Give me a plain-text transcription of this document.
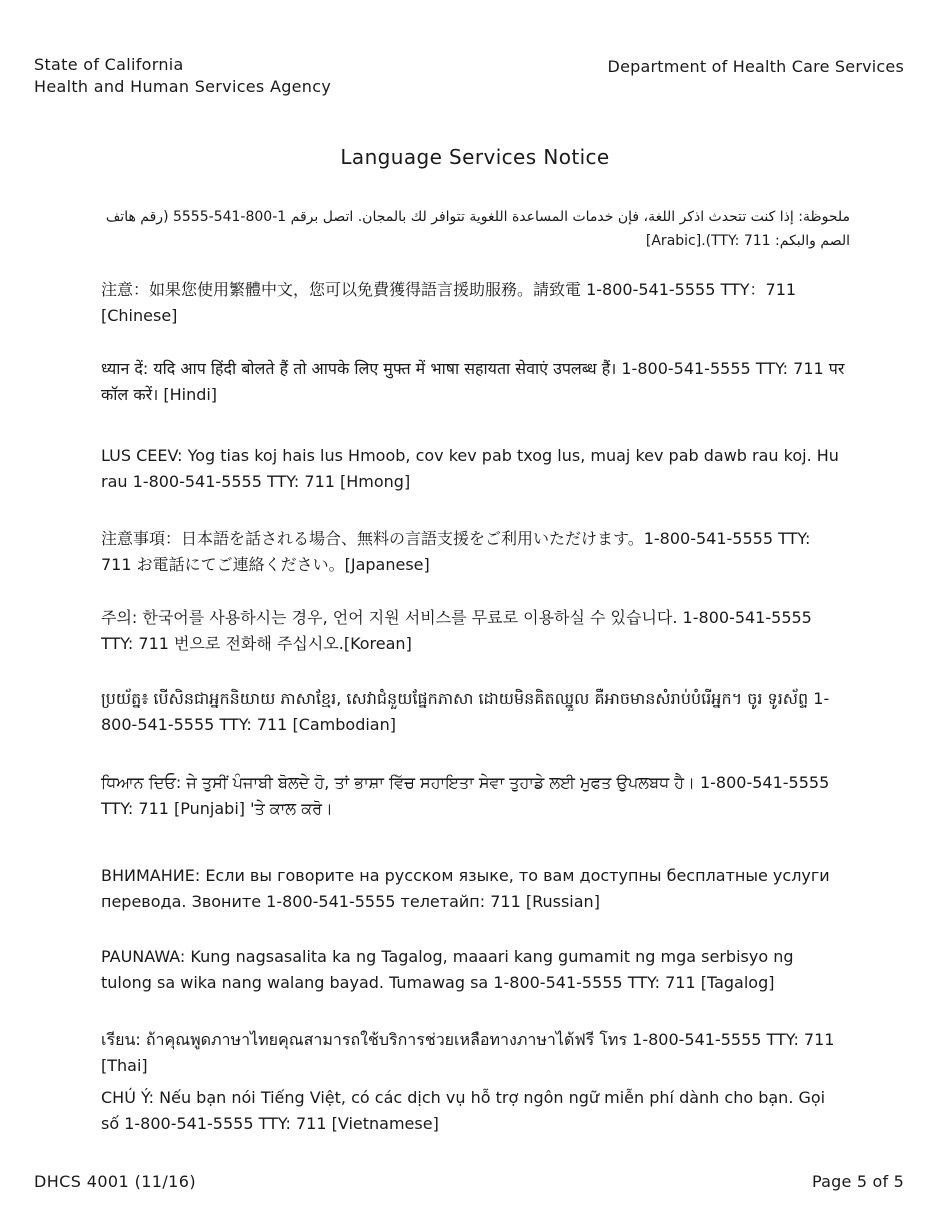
State of California
Health and Human Services Agency
Department of Health Care Services
Language Services Notice

ملحوظة: إذا كنت تتحدث اذكر اللغة، فإن خدمات المساعدة اللغوية تتوافر لك بالمجان. اتصل برقم 1-800-541-5555 (رقم هاتف الصم والبكم: TTY: 711).[Arabic]

注意：如果您使用繁體中文，您可以免費獲得語言援助服務。請致電 1-800-541-5555 TTY：711 [Chinese]

ध्यान दें: यदि आप हिंदी बोलते हैं तो आपके लिए मुफ्त में भाषा सहायता सेवाएं उपलब्ध हैं। 1-800-541-5555 TTY: 711 पर कॉल करें। [Hindi]

LUS CEEV: Yog tias koj hais lus Hmoob, cov kev pab txog lus, muaj kev pab dawb rau koj. Hu rau 1-800-541-5555 TTY: 711 [Hmong]

注意事項：日本語を話される場合、無料の言語支援をご利用いただけます。1-800-541-5555 TTY: 711 お電話にてご連絡ください。[Japanese]

주의: 한국어를 사용하시는 경우, 언어 지원 서비스를 무료로 이용하실 수 있습니다. 1-800-541-5555 TTY: 711 번으로 전화해 주십시오.[Korean]

ប្រយ័ត្ន៖ បើសិនជាអ្នកនិយាយ ភាសាខ្មែរ, សេវាជំនួយផ្នែកភាសា ដោយមិនគិតឈ្នួល គឺអាចមានសំរាប់បំរើអ្នក។ ចូរ ទូរស័ព្ទ 1-800-541-5555 TTY: 711 [Cambodian]

ਧਿਆਨ ਦਿਓ: ਜੇ ਤੁਸੀਂ ਪੰਜਾਬੀ ਬੋਲਦੇ ਹੋ, ਤਾਂ ਭਾਸ਼ਾ ਵਿੱਚ ਸਹਾਇਤਾ ਸੇਵਾ ਤੁਹਾਡੇ ਲਈ ਮੁਫਤ ਉਪਲਬਧ ਹੈ। 1-800-541-5555 TTY: 711 [Punjabi] 'ਤੇ ਕਾਲ ਕਰੋ।

ВНИМАНИЕ: Если вы говорите на русском языке, то вам доступны бесплатные услуги перевода. Звоните 1-800-541-5555 телетайп: 711 [Russian]

PAUNAWA: Kung nagsasalita ka ng Tagalog, maaari kang gumamit ng mga serbisyo ng tulong sa wika nang walang bayad. Tumawag sa 1-800-541-5555 TTY: 711 [Tagalog]

เรียน: ถ้าคุณพูดภาษาไทยคุณสามารถใช้บริการช่วยเหลือทางภาษาได้ฟรี โทร 1-800-541-5555 TTY: 711 [Thai]

CHÚ Ý: Nếu bạn nói Tiếng Việt, có các dịch vụ hỗ trợ ngôn ngữ miễn phí dành cho bạn. Gọi số 1-800-541-5555 TTY: 711 [Vietnamese]

DHCS 4001 (11/16)	Page 5 of 5
